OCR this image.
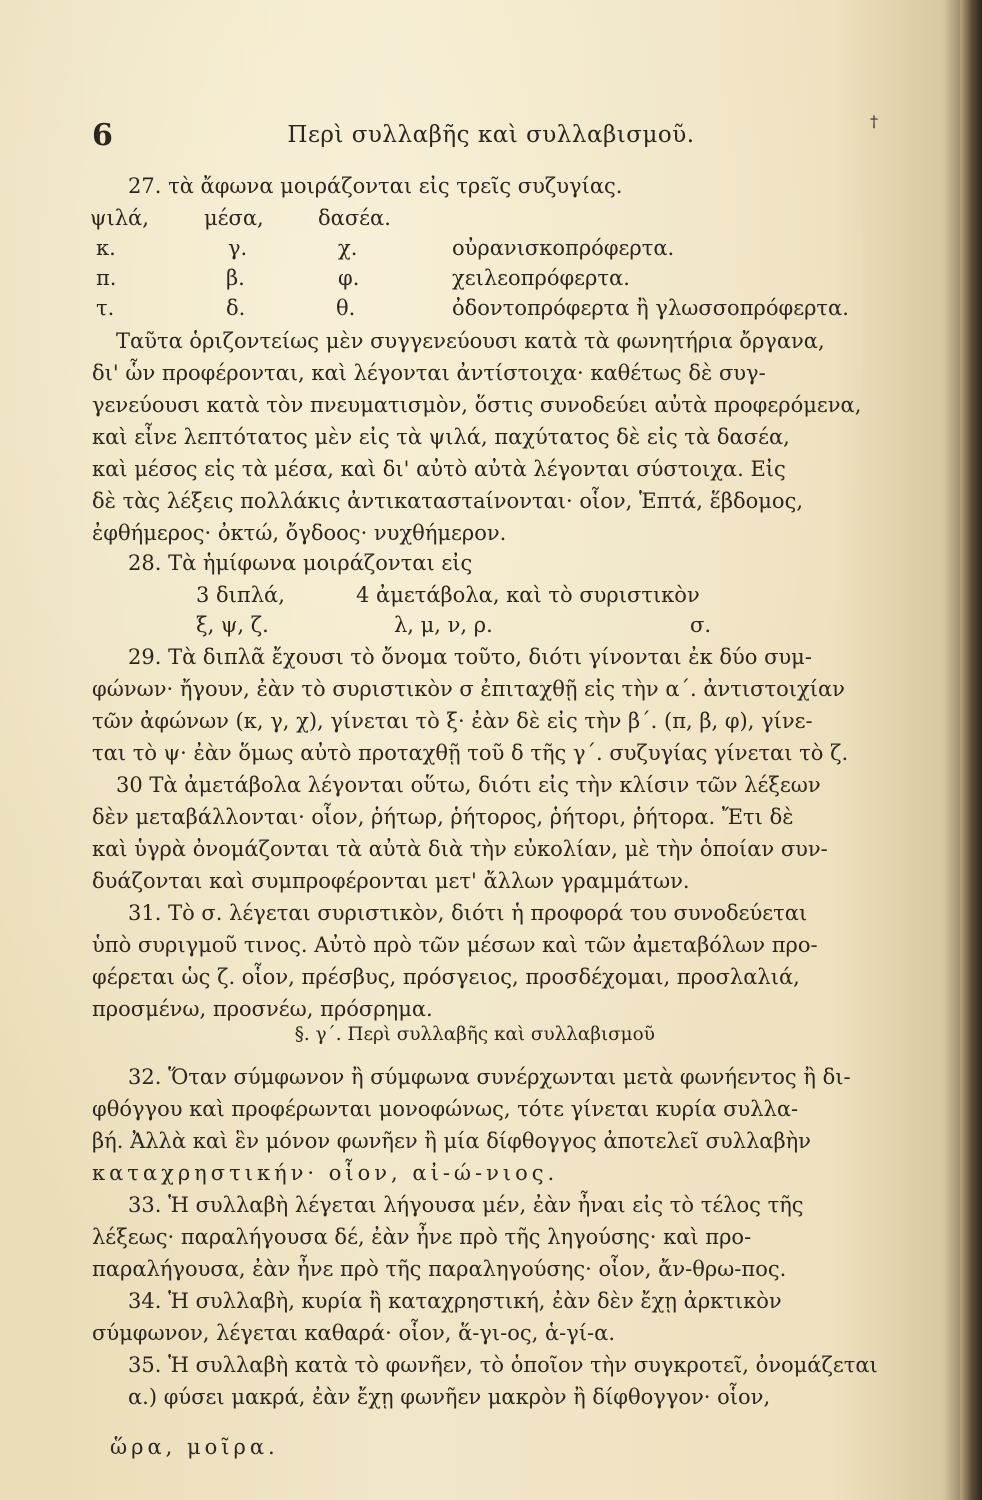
6	Περὶ συλλαβῆς καὶ συλλαβισμοῦ.
†
27. τὰ ἄφωνα μοιράζονται εἰς τρεῖς συζυγίας.
ψιλά,	μέσα,	δασέα.
κ.	γ.	χ.	οὐρανισκοπρόφερτα.
π.	β.	φ.	χειλεοπρόφερτα.
τ.	δ.	θ.	ὀδοντοπρόφερτα ἢ γλωσσοπρόφερτα.
Ταῦτα ὁριζοντείως μὲν συγγενεύουσι κατὰ τὰ φωνητήρια ὄργανα,
δι' ὧν προφέρονται, καὶ λέγονται ἀντίστοιχα· καθέτως δὲ συγ-
γενεύουσι κατὰ τὸν πνευματισμὸν, ὅστις συνοδεύει αὐτὰ προφερόμενα,
καὶ εἶνε λεπτότατος μὲν εἰς τὰ ψιλά, παχύτατος δὲ εἰς τὰ δασέα,
καὶ μέσος εἰς τὰ μέσα, καὶ δι' αὐτὸ αὐτὰ λέγονται σύστοιχα. Εἰς
δὲ τὰς λέξεις πολλάκις ἀντικαταστaίνονται· οἷον, Ἑπτά, ἕβδομος,
ἐφθήμερος· ὀκτώ, ὄγδοος· νυχθήμερον.
28. Τὰ ἡμίφωνα μοιράζονται εἰς
3 διπλά,	4 ἀμετάβολα, καὶ τὸ συριστικὸν
ξ, ψ, ζ.	λ, μ, ν, ρ.	σ.
29. Τὰ διπλᾶ ἔχουσι τὸ ὄνομα τοῦτο, διότι γίνονται ἐκ δύο συμ-
φώνων· ἤγουν, ἐὰν τὸ συριστικὸν σ ἐπιταχθῇ εἰς τὴν α΄. ἀντιστοιχίαν
τῶν ἀφώνων (κ, γ, χ), γίνεται τὸ ξ· ἐὰν δὲ εἰς τὴν β΄. (π, β, φ), γίνε-
ται τὸ ψ· ἐὰν ὅμως αὐτὸ προταχθῇ τοῦ δ τῆς γ΄. συζυγίας γίνεται τὸ ζ.
30 Τὰ ἀμετάβολα λέγονται οὕτω, διότι εἰς τὴν κλίσιν τῶν λέξεων
δὲν μεταβάλλονται· οἷον, ῥήτωρ, ῥήτορος, ῥήτορι, ῥήτορα. Ἔτι δὲ
καὶ ὑγρὰ ὀνομάζονται τὰ αὐτὰ διὰ τὴν εὐκολίαν, μὲ τὴν ὁποίαν συν-
δυάζονται καὶ συμπροφέρονται μετ' ἄλλων γραμμάτων.
31. Τὸ σ. λέγεται συριστικὸν, διότι ἡ προφορά του συνοδεύεται
ὑπὸ συριγμοῦ τινος. Αὐτὸ πρὸ τῶν μέσων καὶ τῶν ἀμεταβόλων προ-
φέρεται ὡς ζ. οἷον, πρέσβυς, πρόσγειος, προσδέχομαι, προσλαλιά,
προσμένω, προσνέω, πρόσρημα.
§. γ΄. Περὶ συλλαβῆς καὶ συλλαβισμοῦ
32. Ὅταν σύμφωνον ἢ σύμφωνα συνέρχωνται μετὰ φωνήεντος ἢ δι-
φθόγγου καὶ προφέρωνται μονοφώνως, τότε γίνεται κυρία συλλα-
βή. Ἀλλὰ καὶ ἓν μόνον φωνῆεν ἢ μία δίφθογγος ἀποτελεῖ συλλαβὴν
καταχρηστικήν· οἷον, αἰ-ώ-νιος.
33. Ἡ συλλαβὴ λέγεται λήγουσα μέν, ἐὰν ἦναι εἰς τὸ τέλος τῆς
λέξεως· παραλήγουσα δέ, ἐὰν ἦνε πρὸ τῆς ληγούσης· καὶ προ-
παραλήγουσα, ἐὰν ἦνε πρὸ τῆς παραληγούσης· οἷον, ἄν-θρω-πος.
34. Ἡ συλλαβὴ, κυρία ἢ καταχρηστική, ἐὰν δὲν ἔχῃ ἀρκτικὸν
σύμφωνον, λέγεται καθαρά· οἷον, ἅ-γι-ος, ἁ-γί-α.
35. Ἡ συλλαβὴ κατὰ τὸ φωνῆεν, τὸ ὁποῖον τὴν συγκροτεῖ, ὀνομάζεται
α.) φύσει μακρά, ἐὰν ἔχῃ φωνῆεν μακρὸν ἢ δίφθογγον· οἷον,
ὥρα, μοῖρα.
